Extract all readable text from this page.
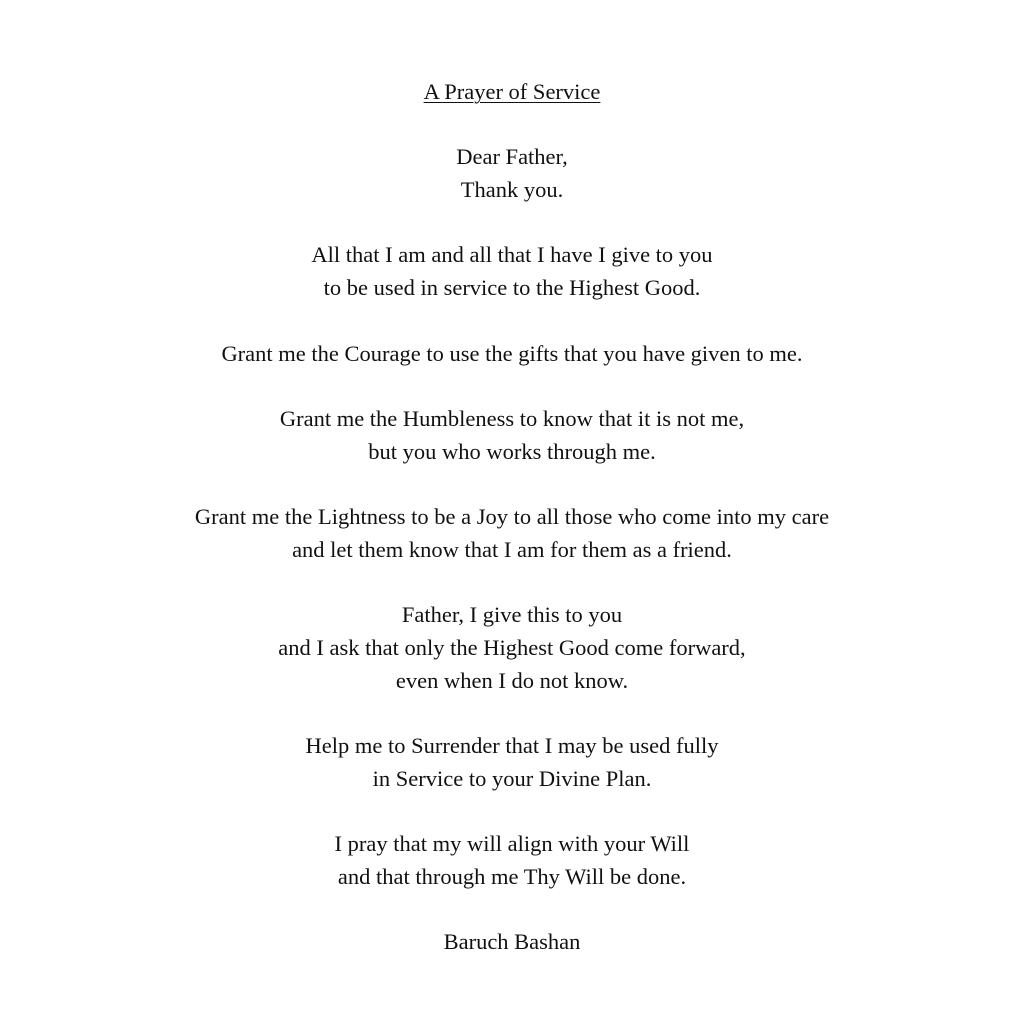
A Prayer of Service
Dear Father,
Thank you.
All that I am and all that I have I give to you
to be used in service to the Highest Good.
Grant me the Courage to use the gifts that you have given to me.
Grant me the Humbleness to know that it is not me,
but you who works through me.
Grant me the Lightness to be a Joy to all those who come into my care
and let them know that I am for them as a friend.
Father, I give this to you
and I ask that only the Highest Good come forward,
even when I do not know.
Help me to Surrender that I may be used fully
in Service to your Divine Plan.
I pray that my will align with your Will
and that through me Thy Will be done.
Baruch Bashan
